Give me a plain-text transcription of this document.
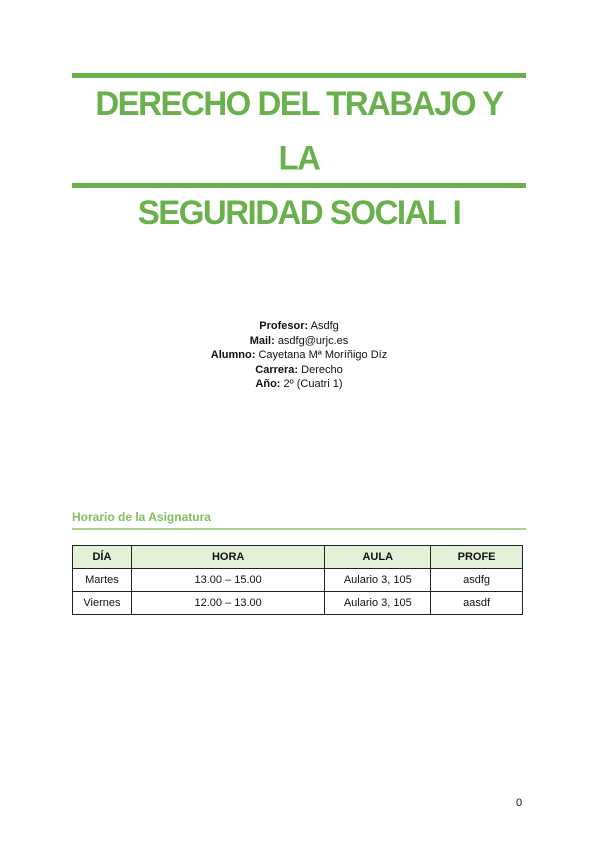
DERECHO DEL TRABAJO Y LA
SEGURIDAD SOCIAL I
Profesor: Asdfg
Mail: asdfg@urjc.es
Alumno: Cayetana Mª Moríñigo Díz
Carrera: Derecho
Año: 2º (Cuatri 1)
Horario de la Asignatura
DÍA	HORA	AULA	PROFE
Martes	13.00 – 15.00	Aulario 3, 105	asdfg
Viernes	12.00 – 13.00	Aulario 3, 105	aasdf
0
